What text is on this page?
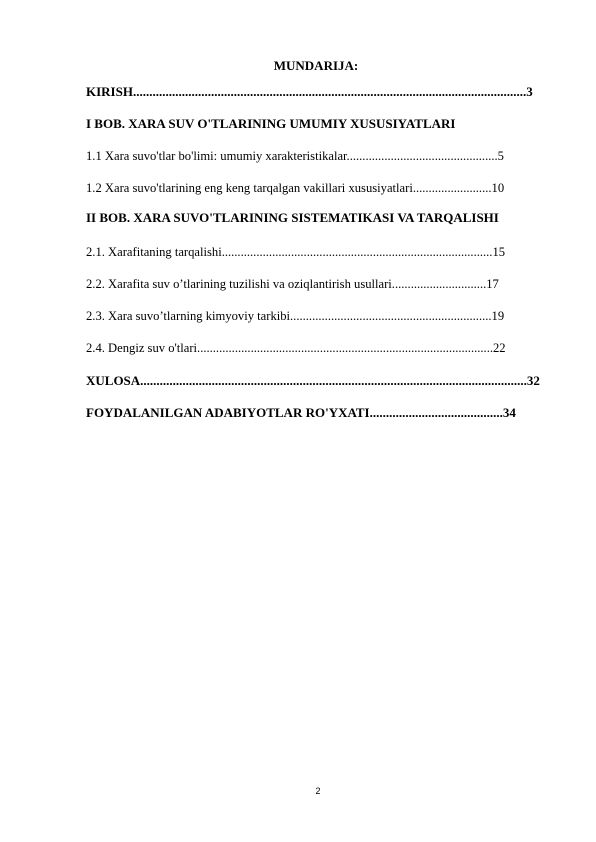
MUNDARIJA:
KIRISH.........................................................................................................................3
I BOB. XARA SUV O'TLARINING UMUMIY XUSUSIYATLARI
1.1 Xara suvo'tlar bo'limi: umumiy xarakteristikalar................................................5
1.2 Xara suvo'tlarining eng keng tarqalgan vakillari xususiyatlari.........................10
II BOB. XARA SUVO'TLARINING SISTEMATIKASI VA TARQALISHI
2.1. Xarafitaning tarqalishi......................................................................................15
2.2. Xarafita suv o’tlarining tuzilishi va oziqlantirish usullari..............................17
2.3. Xara suvo’tlarning kimyoviy tarkibi................................................................19
2.4. Dengiz suv o'tlari..............................................................................................22
XULOSA.......................................................................................................................32
FOYDALANILGAN ADABIYOTLAR RO'YXATI.........................................34
2
